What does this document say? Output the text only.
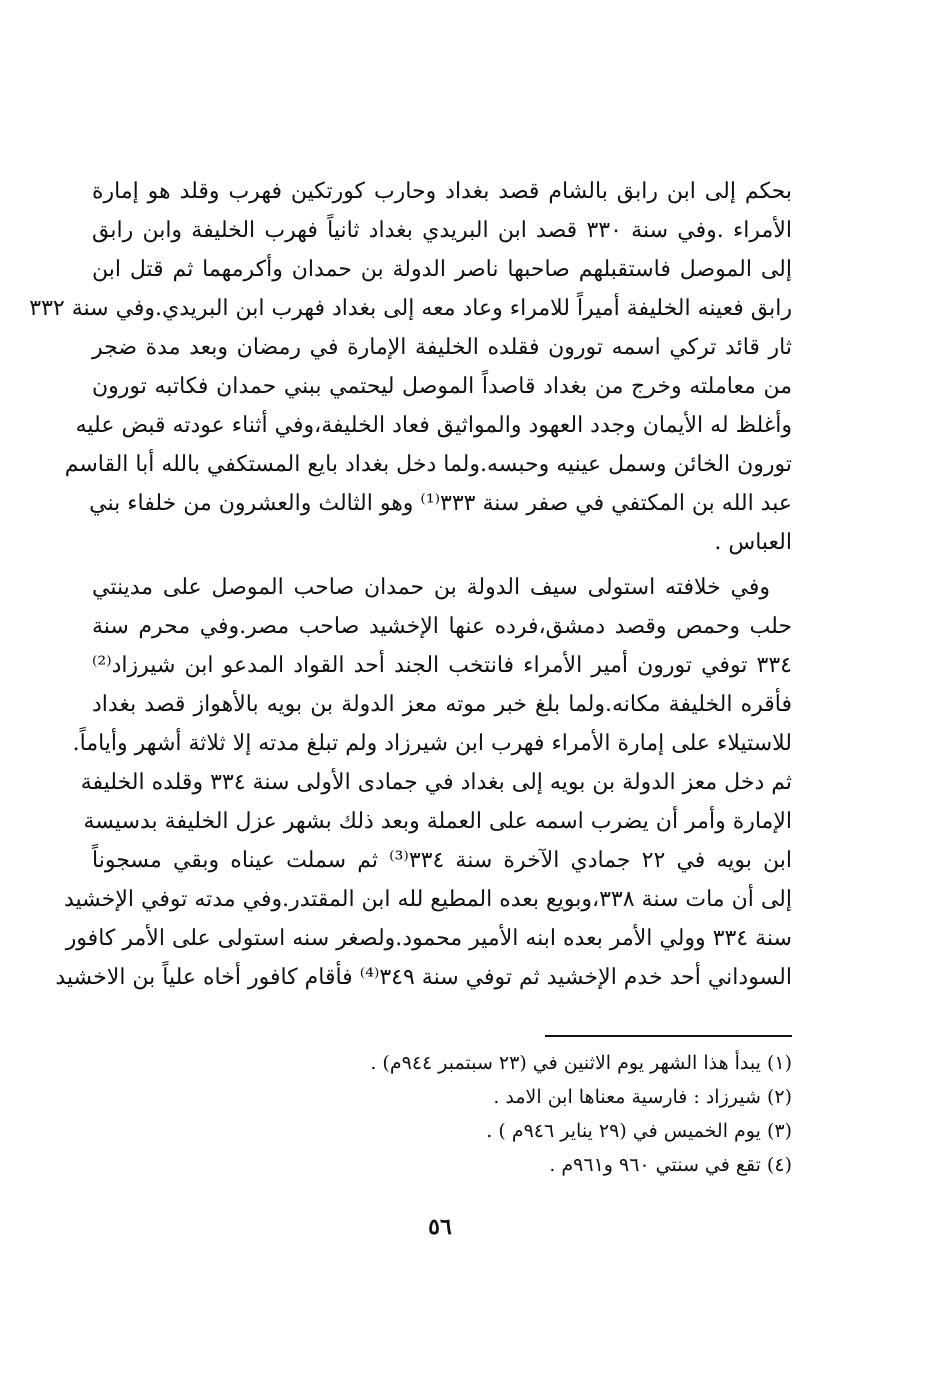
بحكم إلى ابن رابق بالشام قصد بغداد وحارب كورتكين فهرب وقلد هو إمارة
الأمراء .وفي سنة ٣٣٠ قصد ابن البريدي بغداد ثانياً فهرب الخليفة وابن رابق
إلى الموصل فاستقبلهم صاحبها ناصر الدولة بن حمدان وأكرمهما ثم قتل ابن
رابق فعينه الخليفة أميراً للامراء وعاد معه إلى بغداد فهرب ابن البريدي.وفي سنة ٣٣٢
ثار قائد تركي اسمه تورون فقلده الخليفة الإمارة في رمضان وبعد مدة ضجر
من معاملته وخرج من بغداد قاصداً الموصل ليحتمي ببني حمدان فكاتبه تورون
وأغلظ له الأيمان وجدد العهود والمواثيق فعاد الخليفة،وفي أثناء عودته قبض عليه
تورون الخائن وسمل عينيه وحبسه.ولما دخل بغداد بايع المستكفي بالله أبا القاسم
عبد الله بن المكتفي في صفر سنة ٣٣٣⁽¹⁾ وهو الثالث والعشرون من خلفاء بني
العباس .
وفي خلافته استولى سيف الدولة بن حمدان صاحب الموصل على مدينتي
حلب وحمص وقصد دمشق،فرده عنها الإخشيد صاحب مصر.وفي محرم سنة
٣٣٤ توفي تورون أمير الأمراء فانتخب الجند أحد القواد المدعو ابن شيرزاد⁽²⁾
فأقره الخليفة مكانه.ولما بلغ خبر موته معز الدولة بن بويه بالأهواز قصد بغداد
للاستيلاء على إمارة الأمراء فهرب ابن شيرزاد ولم تبلغ مدته إلا ثلاثة أشهر وأياماً.
ثم دخل معز الدولة بن بويه إلى بغداد في جمادى الأولى سنة ٣٣٤ وقلده الخليفة
الإمارة وأمر أن يضرب اسمه على العملة وبعد ذلك بشهر عزل الخليفة بدسيسة
ابن بويه في ٢٢ جمادي الآخرة سنة ٣٣٤⁽³⁾ ثم سملت عيناه وبقي مسجوناً
إلى أن مات سنة ٣٣٨،وبويع بعده المطيع لله ابن المقتدر.وفي مدته توفي الإخشيد
سنة ٣٣٤ وولي الأمر بعده ابنه الأمير محمود.ولصغر سنه استولى على الأمر كافور
السوداني أحد خدم الإخشيد ثم توفي سنة ٣٤٩⁽⁴⁾ فأقام كافور أخاه علياً بن الاخشيد
(١) يبدأ هذا الشهر يوم الاثنين في (٢٣ سبتمبر ٩٤٤م) .
(٢) شيرزاد : فارسية معناها ابن الامد .
(٣) يوم الخميس في (٢٩ يناير ٩٤٦م ) .
(٤) تقع في سنتي ٩٦٠ و٩٦١م .
٥٦
